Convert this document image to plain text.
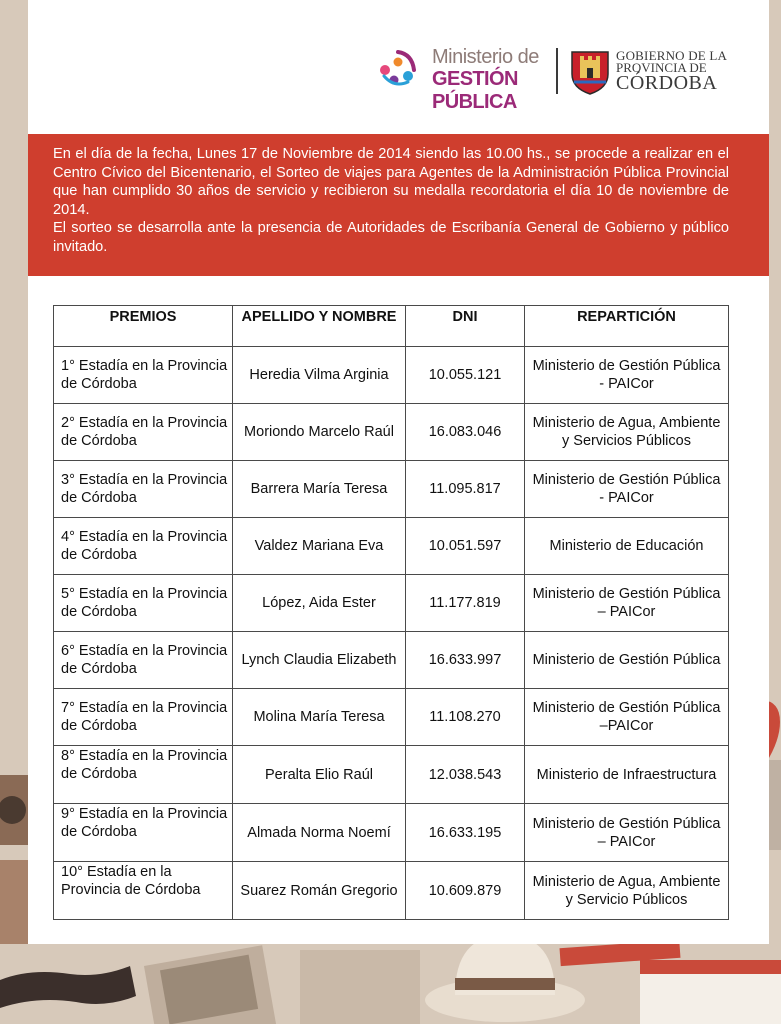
Ministerio de
GESTIÓN PÚBLICA
GOBIERNO DE LA
PROVINCIA DE
CÓRDOBA

En el día de la fecha, Lunes 17 de Noviembre de 2014 siendo las 10.00 hs., se procede a realizar en el Centro Cívico del Bicentenario, el Sorteo de viajes para Agentes de la Administración Pública Provincial que han cumplido 30 años de servicio y recibieron su medalla recordatoria el día 10 de noviembre de 2014.
El sorteo se desarrolla ante la presencia de Autoridades de Escribanía General de Gobierno y público invitado.

PREMIOS	APELLIDO Y NOMBRE	DNI	REPARTICIÓN
1° Estadía en la Provincia de Córdoba	Heredia Vilma Arginia	10.055.121	Ministerio de Gestión Pública - PAICor
2° Estadía en la Provincia de Córdoba	Moriondo Marcelo Raúl	16.083.046	Ministerio de Agua, Ambiente y Servicios Públicos
3° Estadía en la Provincia de Córdoba	Barrera María Teresa	11.095.817	Ministerio de Gestión Pública - PAICor
4° Estadía en la Provincia de Córdoba	Valdez Mariana Eva	10.051.597	Ministerio de Educación
5° Estadía en la Provincia de Córdoba	López, Aida Ester	11.177.819	Ministerio de Gestión Pública – PAICor
6° Estadía en la Provincia de Córdoba	Lynch Claudia Elizabeth	16.633.997	Ministerio de Gestión Pública
7° Estadía en la Provincia de Córdoba	Molina María Teresa	11.108.270	Ministerio de Gestión Pública –PAICor
8° Estadía en la Provincia de Córdoba	Peralta Elio Raúl	12.038.543	Ministerio de Infraestructura
9° Estadía en la Provincia de Córdoba	Almada Norma Noemí	16.633.195	Ministerio de Gestión Pública – PAICor
10° Estadía en la Provincia de Córdoba	Suarez Román Gregorio	10.609.879	Ministerio de Agua, Ambiente y Servicio Públicos
